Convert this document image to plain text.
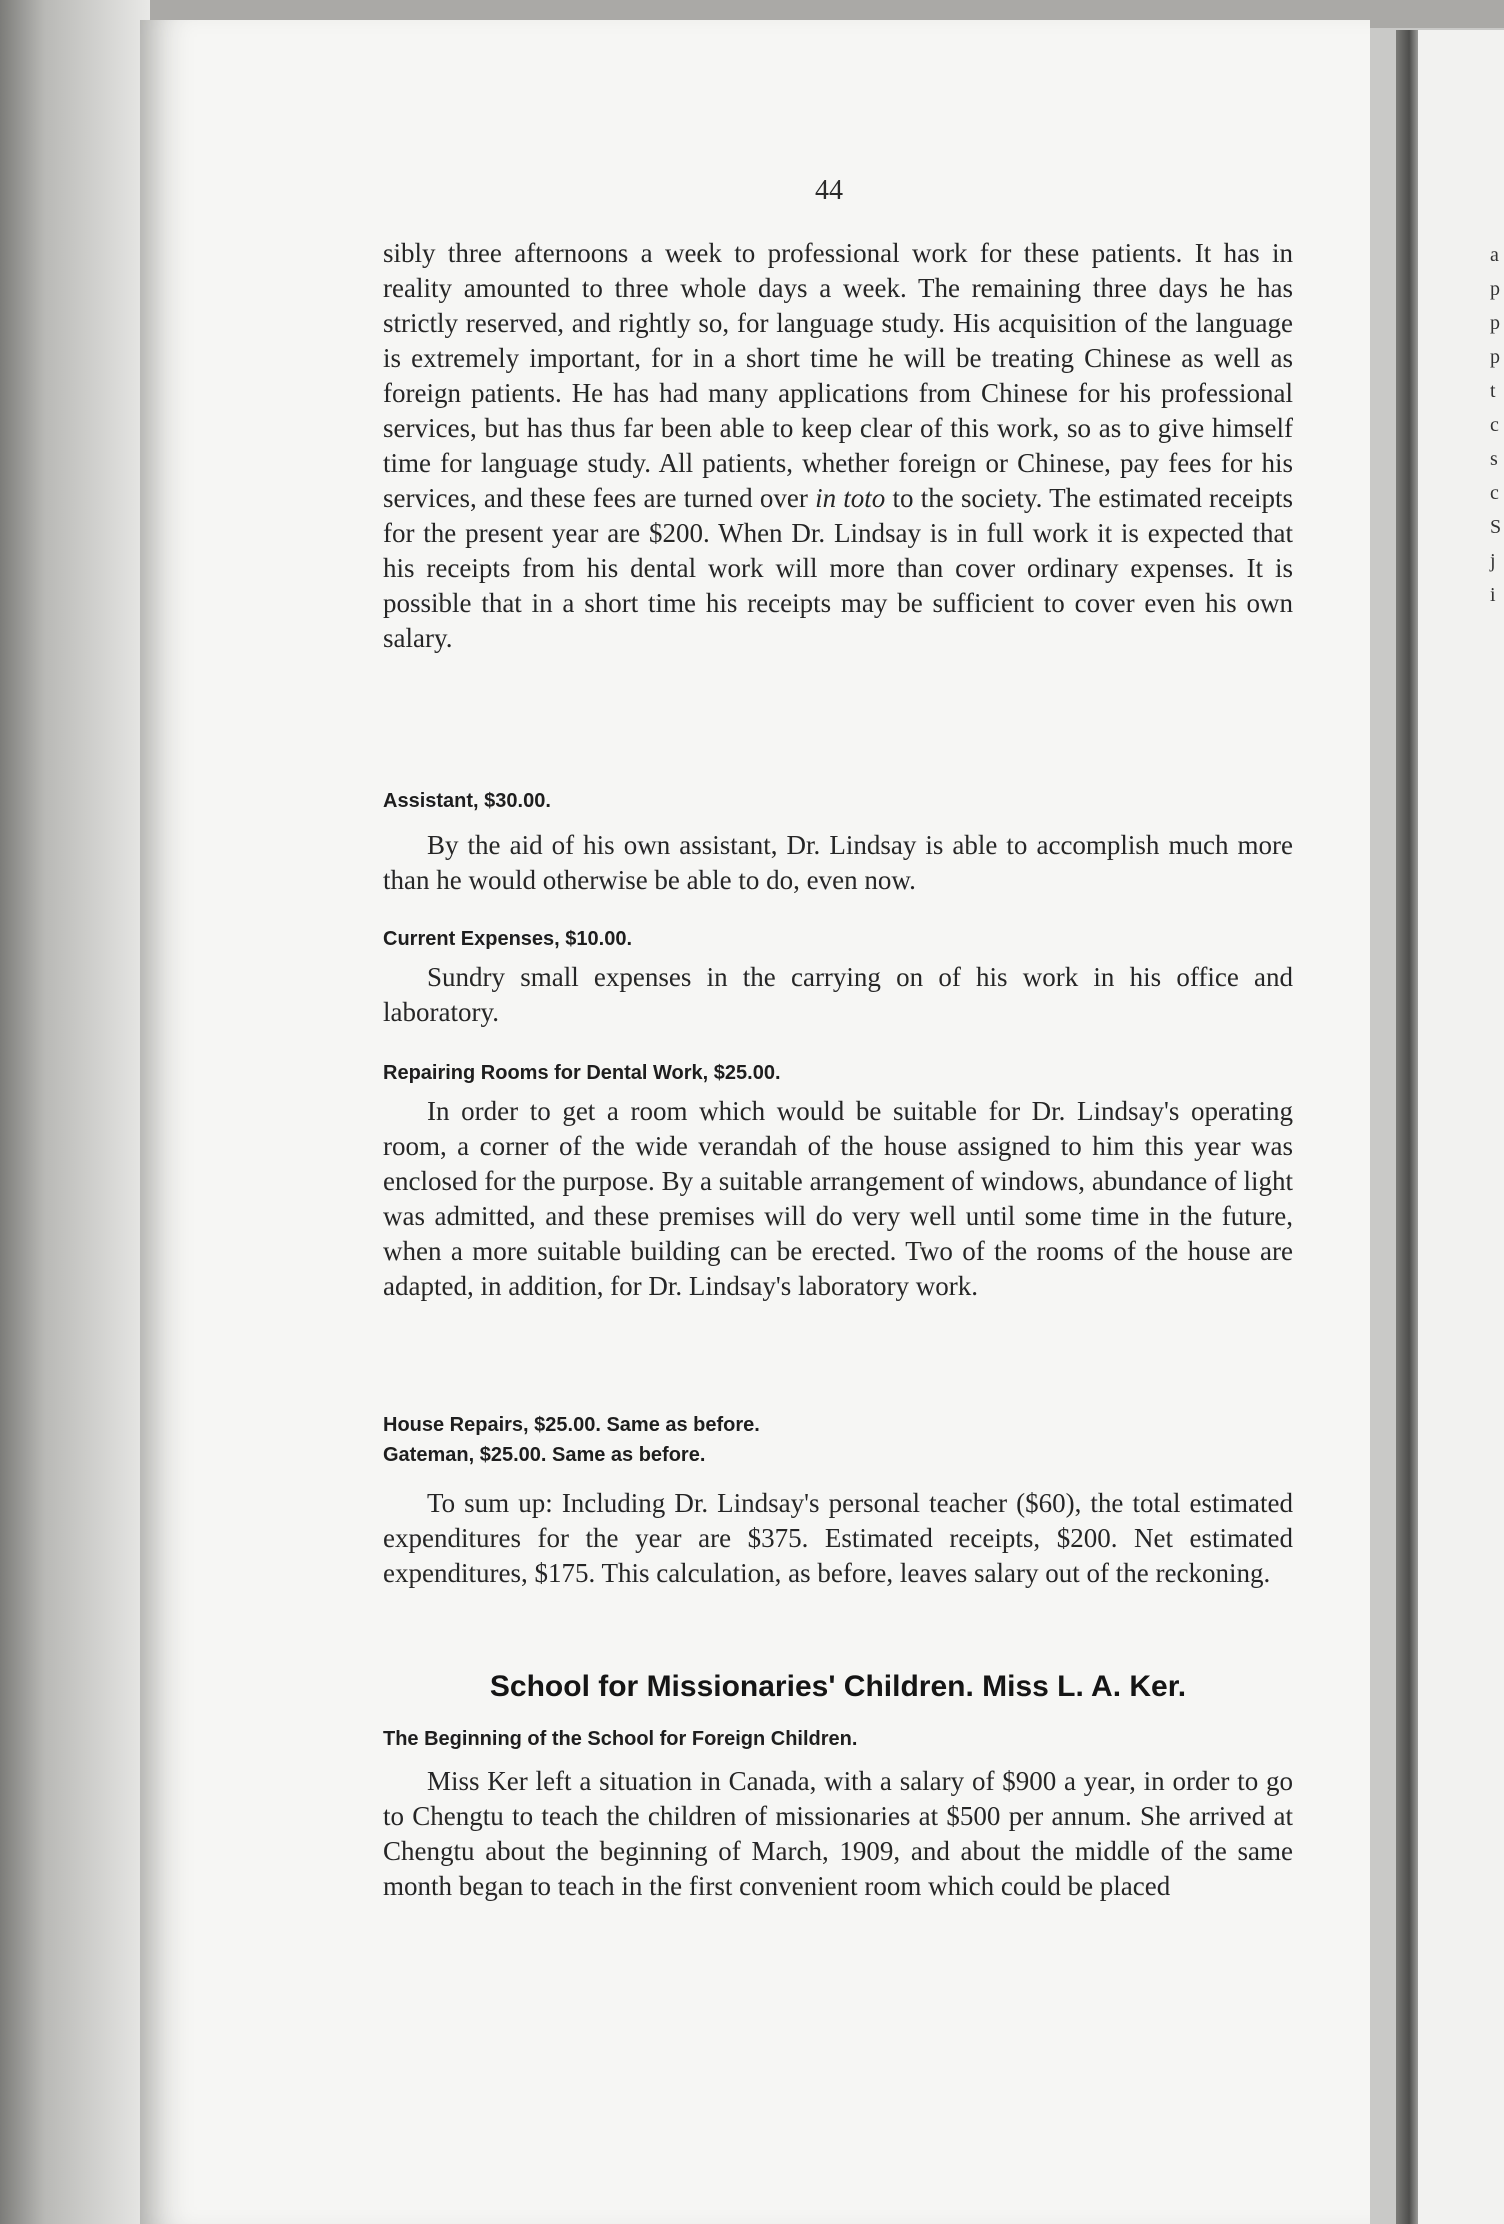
a
p
p
p
t
c
s
c
S
j
i
44

sibly three afternoons a week to professional work for these patients. It has in reality amounted to three whole days a week. The remaining three days he has strictly reserved, and rightly so, for language study. His acquisition of the language is extremely important, for in a short time he will be treating Chinese as well as foreign patients. He has had many applications from Chinese for his professional services, but has thus far been able to keep clear of this work, so as to give himself time for language study. All patients, whether foreign or Chinese, pay fees for his services, and these fees are turned over in toto to the society. The estimated receipts for the present year are $200. When Dr. Lindsay is in full work it is expected that his receipts from his dental work will more than cover ordinary expenses. It is possible that in a short time his receipts may be sufficient to cover even his own salary.

Assistant, $30.00.

By the aid of his own assistant, Dr. Lindsay is able to accomplish much more than he would otherwise be able to do, even now.

Current Expenses, $10.00.

Sundry small expenses in the carrying on of his work in his office and laboratory.

Repairing Rooms for Dental Work, $25.00.

In order to get a room which would be suitable for Dr. Lindsay's operating room, a corner of the wide verandah of the house assigned to him this year was enclosed for the purpose. By a suitable arrangement of windows, abundance of light was admitted, and these premises will do very well until some time in the future, when a more suitable building can be erected. Two of the rooms of the house are adapted, in addition, for Dr. Lindsay's laboratory work.

House Repairs, $25.00. Same as before.

Gateman, $25.00. Same as before.

To sum up: Including Dr. Lindsay's personal teacher ($60), the total estimated expenditures for the year are $375. Estimated receipts, $200. Net estimated expenditures, $175. This calculation, as before, leaves salary out of the reckoning.

School for Missionaries' Children. Miss L. A. Ker.

The Beginning of the School for Foreign Children.

Miss Ker left a situation in Canada, with a salary of $900 a year, in order to go to Chengtu to teach the children of missionaries at $500 per annum. She arrived at Chengtu about the beginning of March, 1909, and about the middle of the same month began to teach in the first convenient room which could be placed
